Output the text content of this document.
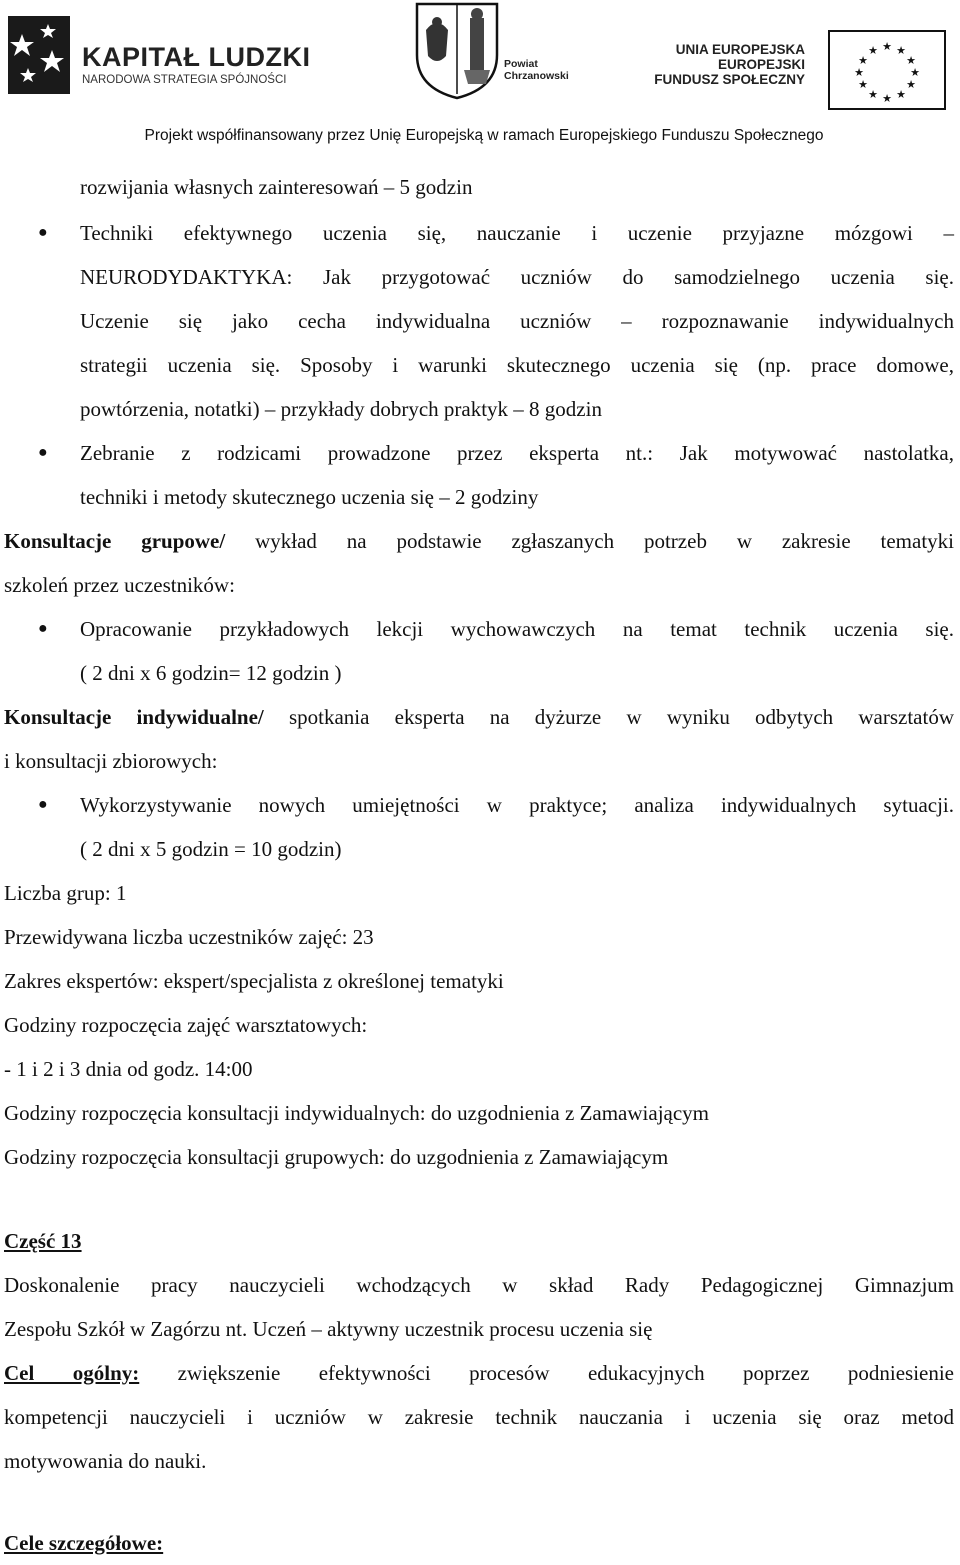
KAPITAŁ LUDZKI
NARODOWA STRATEGIA SPÓJNOŚCI
Powiat
Chrzanowski
UNIA EUROPEJSKA
EUROPEJSKI
FUNDUSZ SPOŁECZNY
★ ★
★
★
★
★
★
★
★
★
★
★
Projekt współfinansowany przez Unię Europejską w ramach Europejskiego Funduszu Społecznego
rozwijania własnych zainteresowań – 5 godzin
● Techniki efektywnego uczenia się, nauczanie i uczenie przyjazne mózgowi –
NEURODYDAKTYKA: Jak przygotować uczniów do samodzielnego uczenia się.
Uczenie się jako cecha indywidualna uczniów – rozpoznawanie indywidualnych
strategii uczenia się. Sposoby i warunki skutecznego uczenia się (np. prace domowe,
powtórzenia, notatki) – przykłady dobrych praktyk – 8 godzin
● Zebranie z rodzicami prowadzone przez eksperta nt.: Jak motywować nastolatka,
techniki i metody skutecznego uczenia się – 2 godziny
Konsultacje grupowe/ wykład na podstawie zgłaszanych potrzeb w zakresie tematyki
szkoleń przez uczestników:
● Opracowanie przykładowych lekcji wychowawczych na temat technik uczenia się.
( 2 dni x 6 godzin= 12 godzin )
Konsultacje indywidualne/ spotkania eksperta na dyżurze w wyniku odbytych warsztatów
i konsultacji zbiorowych:
● Wykorzystywanie nowych umiejętności w praktyce; analiza indywidualnych sytuacji.
( 2 dni x 5 godzin = 10 godzin)
Liczba grup: 1
Przewidywana liczba uczestników zajęć: 23
Zakres ekspertów: ekspert/specjalista z określonej tematyki
Godziny rozpoczęcia zajęć warsztatowych:
- 1 i 2 i 3 dnia od godz. 14:00
Godziny rozpoczęcia konsultacji indywidualnych: do uzgodnienia z Zamawiającym
Godziny rozpoczęcia konsultacji grupowych: do uzgodnienia z Zamawiającym
Część 13
Doskonalenie pracy nauczycieli wchodzących w skład Rady Pedagogicznej Gimnazjum
Zespołu Szkół w Zagórzu nt. Uczeń – aktywny uczestnik procesu uczenia się
Cel ogólny: zwiększenie efektywności procesów edukacyjnych poprzez podniesienie
kompetencji nauczycieli i uczniów w zakresie technik nauczania i uczenia się oraz metod
motywowania do nauki.
Cele szczegółowe:
